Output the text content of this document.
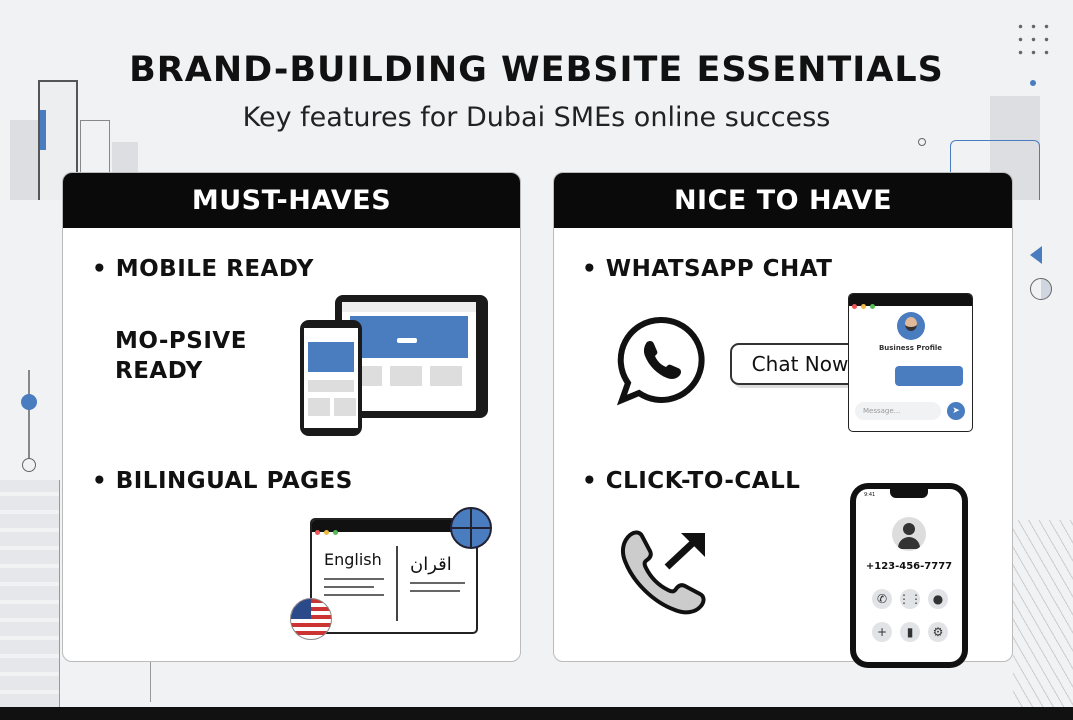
BRAND-BUILDING WEBSITE ESSENTIALS
Key features for Dubai SMEs online success
MUST-HAVES
• MOBILE READY
MO-PSIVE
READY
• BILINGUAL PAGES
English اقران
NICE TO HAVE
• WHATSAPP CHAT
Chat Now
Business Profile
Message...	➤
• CLICK-TO-CALL
9:41
+123-456-7777
✆ ⋮⋮ ●
+	▮	⚙
